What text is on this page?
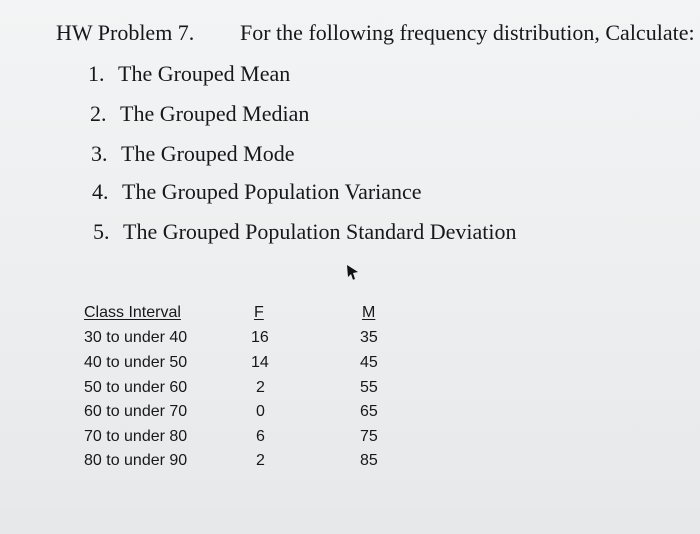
HW Problem 7. For the following frequency distribution, Calculate:
1. The Grouped Mean
2. The Grouped Median
3. The Grouped Mode
4. The Grouped Population Variance
5. The Grouped Population Standard Deviation
Class Interval
30 to under 40
40 to under 50
50 to under 60
60 to under 70
70 to under 80
80 to under 90
F
16
14
2
0
6
2
M
35
45
55
65
75
85
